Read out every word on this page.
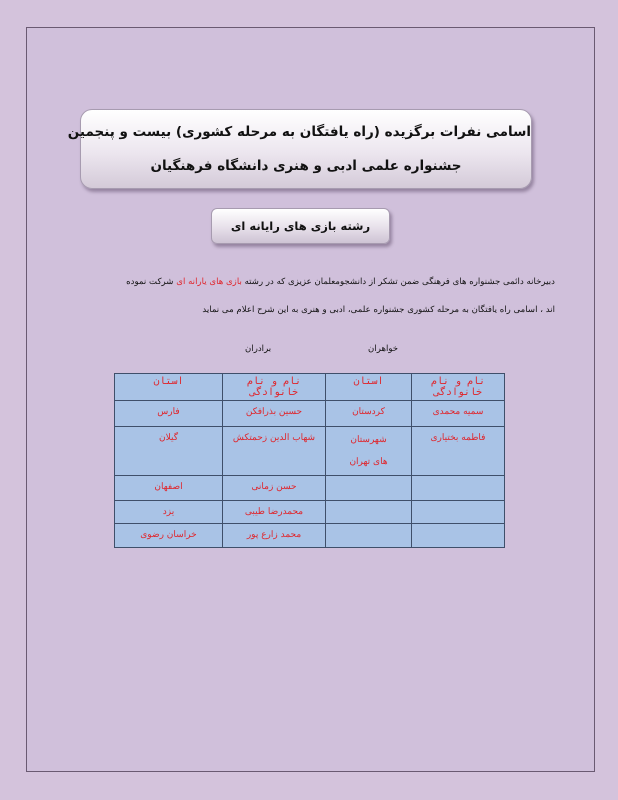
اسامی نفرات برگزیده (راه یافتگان به مرحله کشوری) بیست و پنجمین
جشنواره علمی ادبی و هنری دانشگاه فرهنگیان
رشته بازی های رایانه ای
دبیرخانه دائمی جشنواره های فرهنگی ضمن تشکر از دانشجومعلمان عزیزی که در رشته بازی های یارانه ای شرکت نموده
اند ، اسامی راه یافتگان به مرحله کشوری جشنواره علمی، ادبی و هنری به این شرح اعلام می نماید
برادران	خواهران
نام و نام خانوادگی	استان	نام و نام خانوادگی	استان

سمیه محمدی	کردستان	حسین بذرافکن	فارس

فاطمه بختیاری	شهرستان های تهران	شهاب الدین زحمتکش	گیلان

		حسن زمانی	اصفهان

		محمدرضا طیبی	یزد

		محمد زارع پور	خراسان رضوی
